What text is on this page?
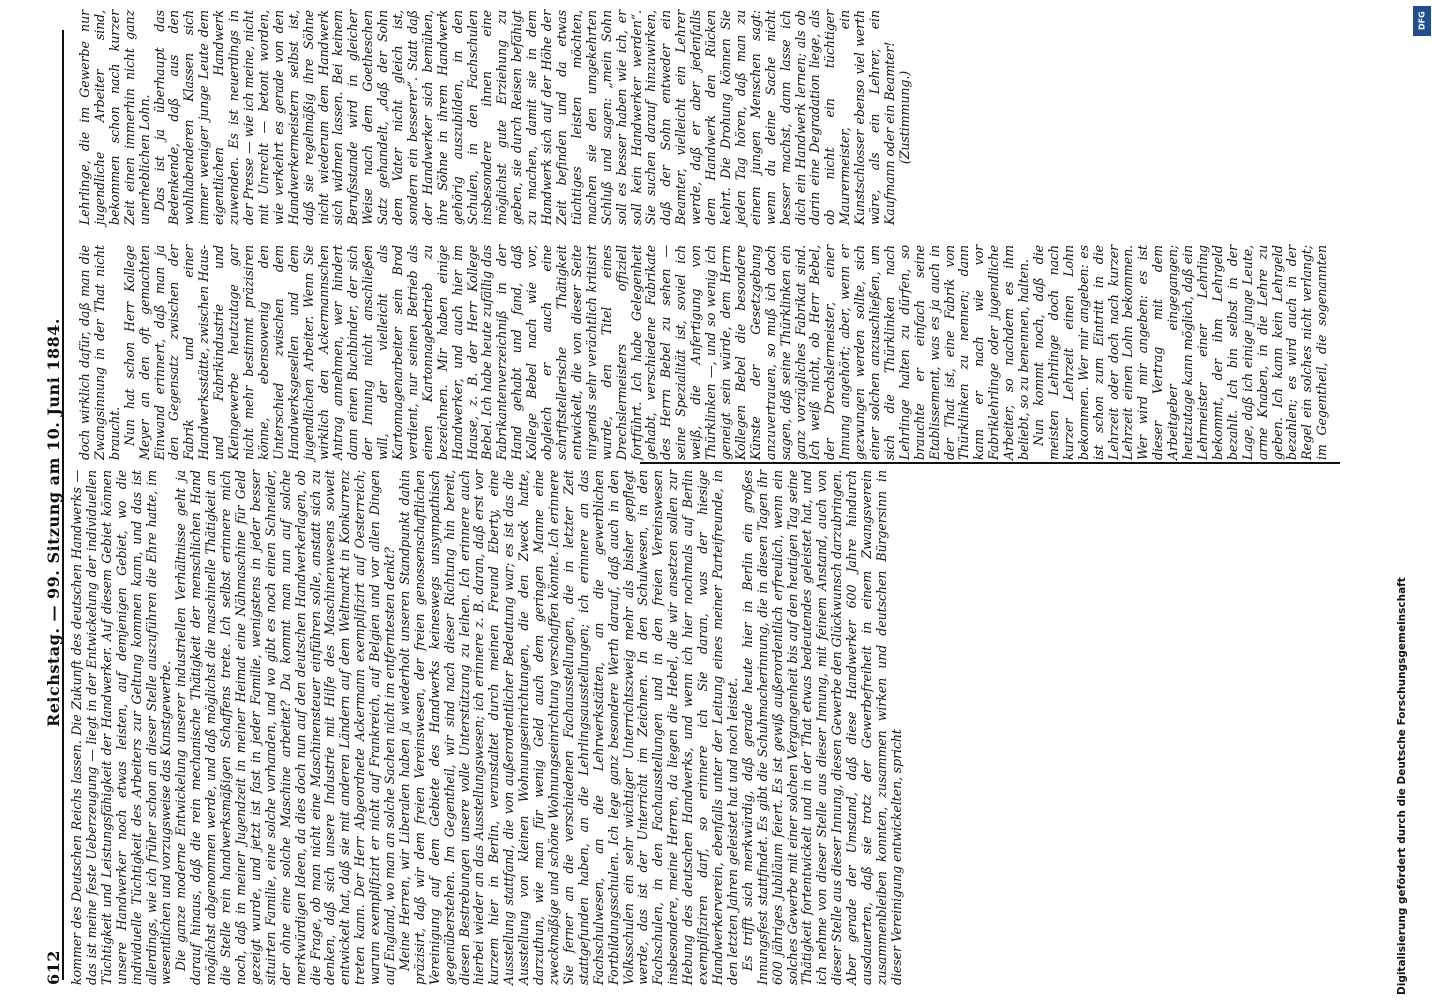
612
Reichstag. — 99. Sitzung am 10. Juni 1884. kommer des Deutschen Reichs lassen. Die Zukunft des deutschen Handwerks — das ist meine feste Ueberzeugung — liegt in der Entwickelung der individuellen Tüchtigkeit und Leistungsfähigkeit der Handwerker. Auf diesem Gebiet können unsere Handwerker noch etwas leisten, auf demjenigen Gebiet, wo die individuelle Tüchtigkeit des Arbeiters zur Geltung kommen kann, und das ist allerdings, wie ich früher schon an dieser Stelle auszuführen die Ehre hatte, im wesentlichen und vorzugsweise das Kunstgewerbe. Die ganze moderne Entwickelung unserer industriellen Verhältnisse geht ja darauf hinaus, daß die rein mechanische Thätigkeit der menschlichen Hand möglichst abgenommen werde, und daß möglichst die maschinelle Thätigkeit an die Stelle rein handwerksmäßigen Schaffens trete. Ich selbst erinnere mich noch, daß in meiner Jugendzeit in meiner Heimat eine Nähmaschine für Geld gezeigt wurde, und jetzt ist fast in jeder Familie, wenigstens in jeder besser situirten Familie, eine solche vorhanden, und wo gibt es noch einen Schneider, der ohne eine solche Maschine arbeitet? Da kommt man nun auf solche merkwürdigen Ideen, da dies doch nun auf den deutschen Handwerkerlagen, ob die Frage, ob man nicht eine Maschinensteuer einführen solle, anstatt sich zu denken, daß sich unsere Industrie mit Hilfe des Maschinenwesens soweit entwickelt hat, daß sie mit anderen Ländern auf dem Weltmarkt in Konkurrenz treten kann. Der Herr Abgeordnete Ackermann exemplifizirt auf Oesterreich; warum exemplifizirt er nicht auf Frankreich, auf Belgien und vor allen Dingen auf England, wo man an solche Sachen nicht im entferntesten denkt? Meine Herren, wir Liberalen haben ja wiederholt unseren Standpunkt dahin präzisirt, daß wir dem freien Vereinswesen, der freien genossenschaftlichen Vereinigung auf dem Gebiete des Handwerks keineswegs unsympathisch gegenüberstehen. Im Gegentheil, wir sind nach dieser Richtung hin bereit, diesen Bestrebungen unsere volle Unterstützung zu leihen. Ich erinnere auch hierbei wieder an das Ausstellungswesen; ich erinnere z. B. daran, daß erst vor kurzem hier in Berlin, veranstaltet durch meinen Freund Eberty, eine Ausstellung stattfand, die von außerordentlicher Bedeutung war; es ist das die Ausstellung von kleinen Wohnungseinrichtungen, die den Zweck hatte, darzuthun, wie man für wenig Geld auch dem geringen Manne eine zweckmäßige und schöne Wohnungseinrichtung verschaffen könnte. Ich erinnere Sie ferner an die verschiedenen Fachausstellungen, die in letzter Zeit stattgefunden haben, an die Lehrlingsausstellungen; ich erinnere an das Fachschulwesen, an die Lehrwerkstätten, an die gewerblichen Fortbildungsschulen. Ich lege ganz besondere Werth darauf, daß auch in den Volksschulen ein sehr wichtiger Unterrichtszweig mehr als bisher gepflegt werde, das ist der Unterricht im Zeichnen. In den Schulwesen, in den Fachschulen, in den Fachausstellungen und in den freien Vereinswesen insbesondere, meine Herren, da liegen die Hebel, die wir ansetzen sollen zur Hebung des deutschen Handwerks, und wenn ich hier nochmals auf Berlin exemplifiziren darf, so erinnere ich Sie daran, was der hiesige Handwerkerverein, ebenfalls unter der Leitung eines meiner Parteifreunde, in den letzten Jahren geleistet hat und noch leistet. Es trifft sich merkwürdig, daß gerade heute hier in Berlin ein großes Innungsfest stattfindet. Es gibt die Schuhmacherinnung, die in diesen Tagen ihr 600 jähriges Jubiläum feiert. Es ist gewiß außerordentlich erfreulich, wenn ein solches Gewerbe mit einer solchen Vergangenheit bis auf den heutigen Tag seine Thätigkeit fortentwickelt und in der That etwas bedeutendes geleistet hat, und ich nehme von dieser Stelle aus dieser Innung, mit feinem Anstand, auch von dieser Stelle aus dieser Innung, diesen Gewerbe den Glückwunsch darzubringen. Aber gerade der Umstand, daß diese Handwerker 600 Jahre hindurch ausdauerten, daß sie trotz der Gewerbefreiheit in einem Zwangsverein zusammenbleiben konnten, zusammen wirken und deutschen Bürgersinn in dieser Vereinigung entwickelten, spricht

doch wirklich dafür, daß man die Zwangsinnung in der That nicht braucht. Nun hat schon Herr Kollege Meyer an den oft gemachten Einwand erinnert, daß man ja den Gegensatz zwischen der Fabrik und einer Handwerksstätte, zwischen Haus- und Fabrikindustrie und Kleingewerbe heutzutage gar nicht mehr bestimmt präzisiren könne, ebensowenig den Unterschied zwischen dem Handwerksgesellen und dem jugendlichen Arbeiter. Wenn Sie wirklich den Ackermannschen Antrag annehmen, wer hindert dann einen Buchbinder, der sich der Innung nicht anschließen will, der vielleicht als Kartonnagenarbeiter sein Brod verdient, nur seinen Betrieb als einen Kartonnagebetrieb zu bezeichnen. Mir haben einige Handwerker, und auch hier im Hause, z. B. der Herr Kollege Bebel. Ich habe heute zufällig das Fabrikantenverzeichniß in der Hand gehabt und fand, daß Kollege Bebel nach wie vor, obgleich er auch eine schriftstellerische Thätigkeit entwickelt, die von dieser Seite nirgends sehr verächtlich kritisirt wurde, den Titel eines Drechslermeisters offiziell fortführt. Ich habe Gelegenheit gehabt, verschiedene Fabrikate des Herrn Bebel zu sehen — seine Spezialität ist, soviel ich weiß, die Anfertigung von Thürklinken —, und so wenig ich geneigt sein würde, dem Herrn Kollegen Bebel die besondere Künste der Gesetzgebung anzuvertrauen, so muß ich doch sagen, daß seine Thürklinken ein ganz vorzügliches Fabrikat sind. Ich weiß nicht, ob Herr Bebel, der Drechslermeister, einer Innung angehört; aber, wenn er gezwungen werden sollte, sich einer solchen anzuschließen, um sich die Thürklinken nach Lehrlinge halten zu dürfen, so brauchte er einfach seine Etablissement, was es ja auch in der That ist, eine Fabrik von Thürklinken zu nennen; dann kann er nach wie vor Fabriklehrlinge oder jugendliche Arbeiter, so nachdem es ihm beliebt, so zu benennen, halten. Nun kommt noch, daß die meisten Lehrlinge doch nach kurzer Lehrzeit einen Lohn bekommen. Wer mir angeben: es ist schon zum Eintritt in die Lehrzeit oder doch nach kurzer Lehrzeit einen Lohn bekommen. Wer wird mir angeben: es ist dieser Vertrag mit dem Arbeitgeber eingegangen; heutzutage kann möglich, daß ein Lehrmeister einer Lehrling bekommt, der ihm Lehrgeld bezahlt. Ich bin selbst in der Lage, daß ich einige junge Leute, arme Knaben, in die Lehre zu geben. Ich kann kein Lehrgeld bezahlen; es wird auch in der Regel ein solches nicht verlangt; im Gegentheil, die sogenannten Lehrlinge, die im Gewerbe nur jugendliche Arbeiter sind, bekommen schon nach kurzer Zeit einen immerhin nicht ganz unerheblichen Lohn. Das ist ja überhaupt das Bedenkende, daß aus den wohlhabenderen Klassen sich immer weniger junge Leute dem eigentlichen Handwerk zuwenden. Es ist neuerdings in der Presse — wie ich meine, nicht mit Unrecht — betont worden, wie verkehrt es gerade von den Handwerkermeistern selbst ist, daß sie regelmäßig ihre Söhne nicht wiederum dem Handwerk sich widmen lassen. Bei keinem Berufsstande wird in gleicher Weise nach dem Goetheschen Satz gehandelt, „daß der Sohn dem Vater nicht gleich ist, sondern ein besserer“. Statt daß der Handwerker sich bemühen, ihre Söhne in ihrem Handwerk gehörig auszubilden, in den Schulen, in den Fachschulen insbesondere ihnen eine möglichst gute Erziehung zu geben, sie durch Reisen befähigt zu machen, damit sie in dem Handwerk sich auf der Höhe der Zeit befinden und da etwas tüchtiges leisten möchten, machen sie den umgekehrten Schluß und sagen: „mein Sohn soll es besser haben wie ich, er soll kein Handwerker werden“. Sie suchen darauf hinzuwirken, daß der Sohn entweder ein Beamter, vielleicht ein Lehrer werde, daß er aber jedenfalls dem Handwerk den Rücken kehrt. Die Drohung können Sie jeden Tag hören, daß man zu einem jungen Menschen sagt: wenn du deine Sache nicht besser machst, dann lasse ich dich ein Handwerk lernen; als ob darin eine Degradation liege, als ob nicht ein tüchtiger Maurermeister, ein Kunstschlosser ebenso viel werth wäre, als ein Lehrer, ein Kaufmann oder ein Beamter! (Zustimmung.)

Digitalisierung gefördert durch die Deutsche Forschungsgemeinschaft
DFG
